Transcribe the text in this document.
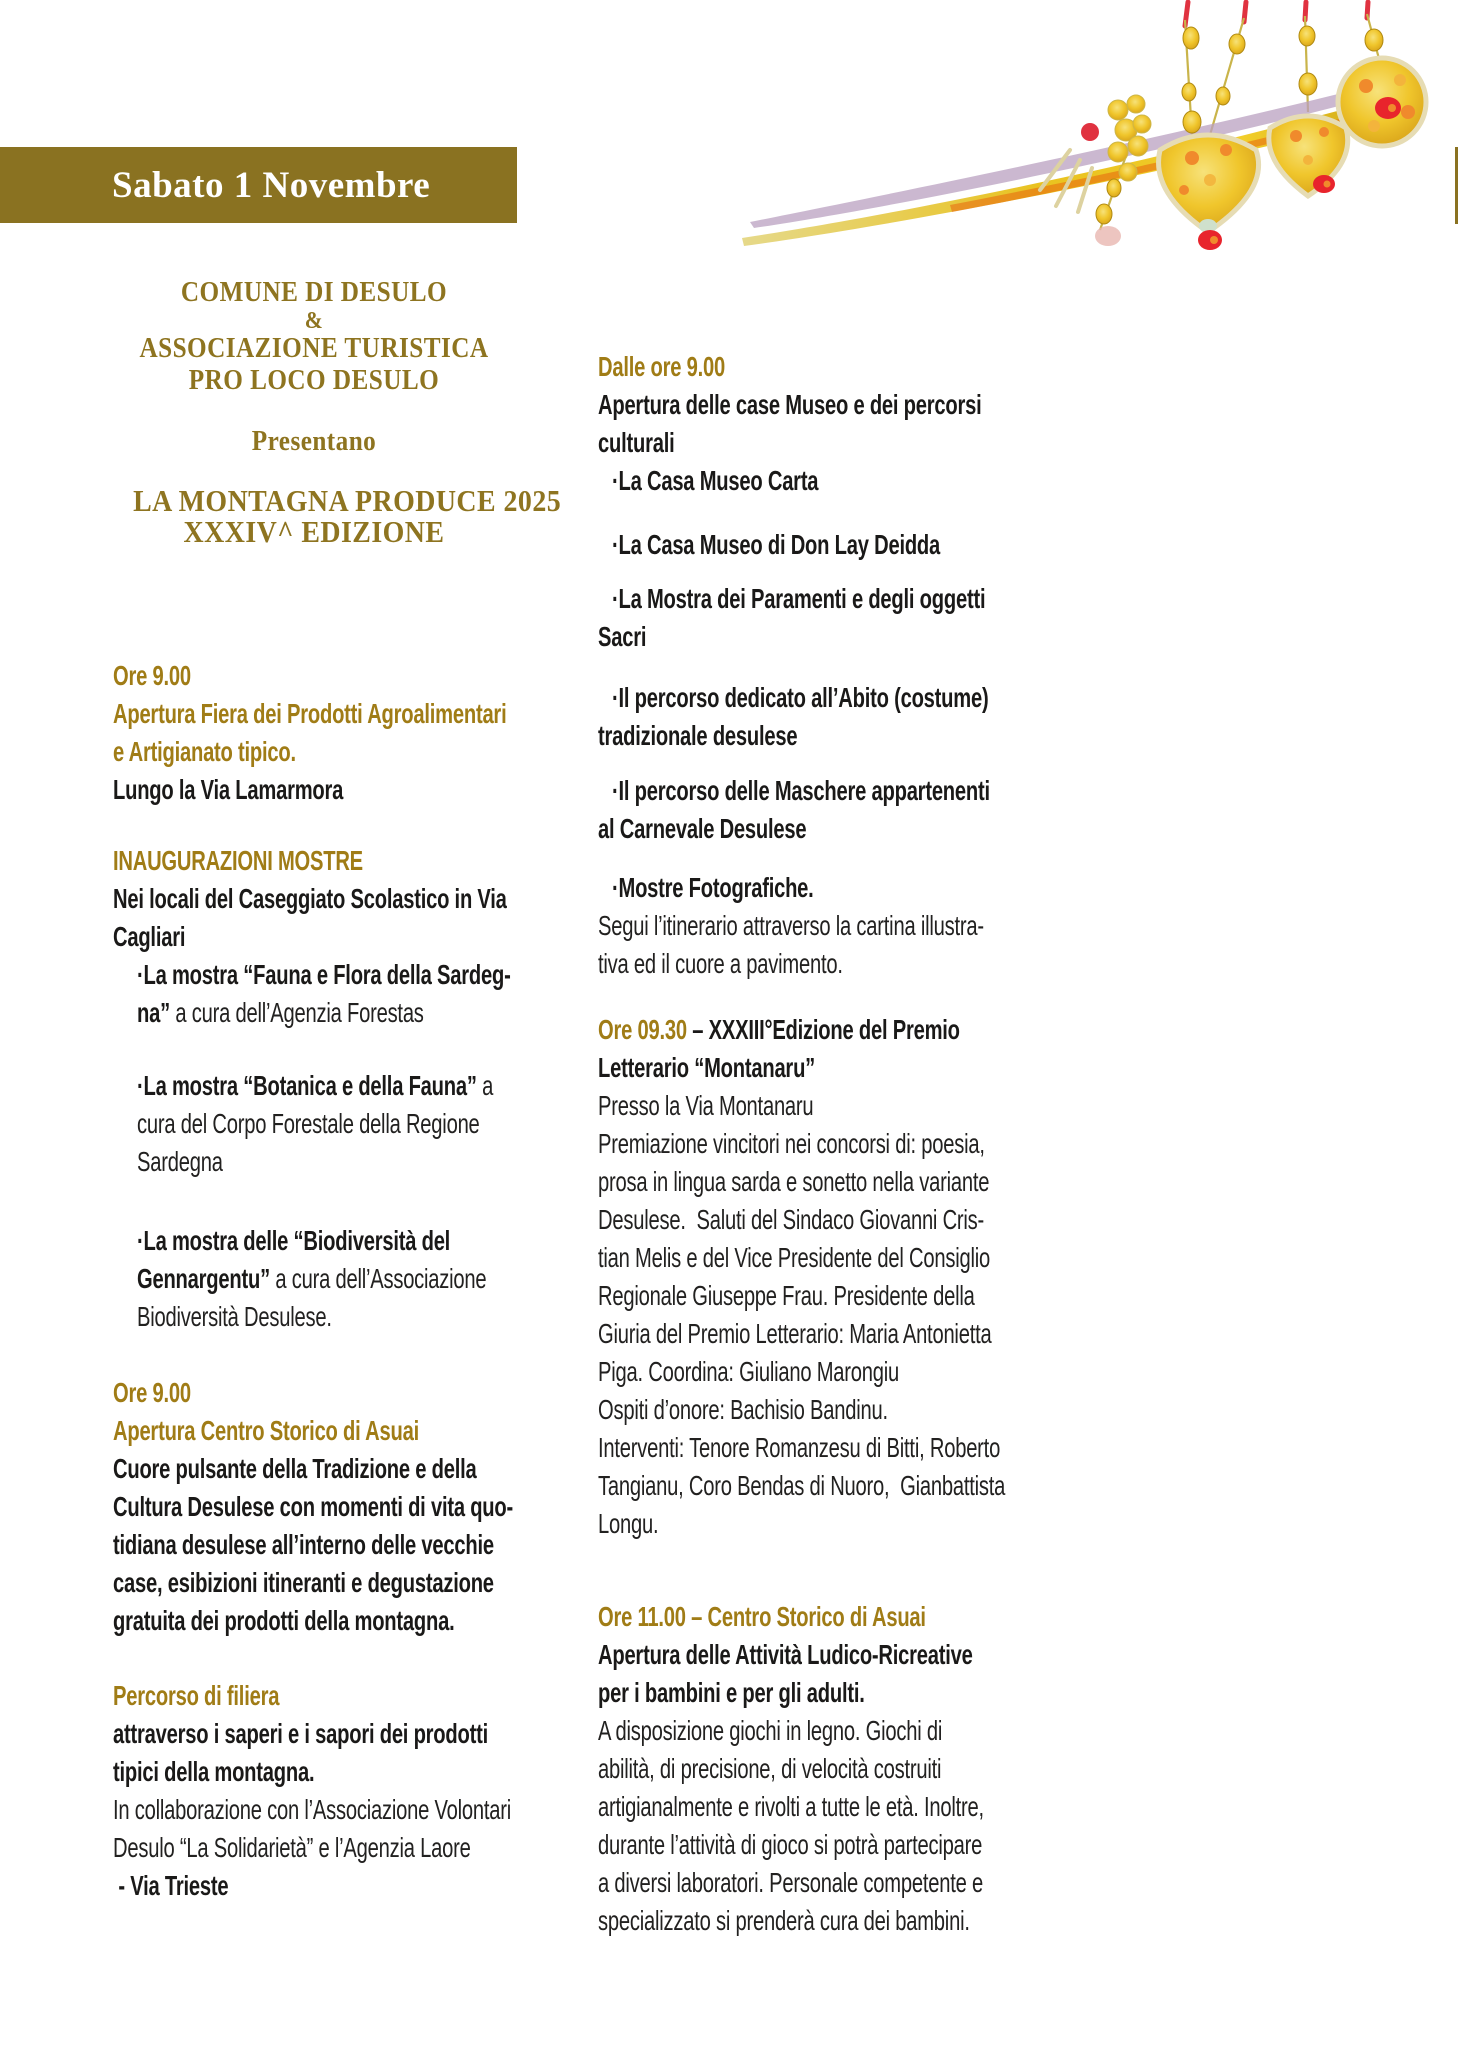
Sabato 1 Novembre
COMUNE DI DESULO
&
ASSOCIAZIONE TURISTICA
PRO LOCO DESULO
Presentano
LA MONTAGNA PRODUCE 2025
XXXIV^ EDIZIONE
Ore 9.00
Apertura Fiera dei Prodotti Agroalimentari
e Artigianato tipico.
Lungo la Via Lamarmora
INAUGURAZIONI MOSTRE
Nei locali del Caseggiato Scolastico in Via
Cagliari
·La mostra “Fauna e Flora della Sardeg-
na” a cura dell’Agenzia Forestas
·La mostra “Botanica e della Fauna” a
cura del Corpo Forestale della Regione
Sardegna
·La mostra delle “Biodiversità del
Gennargentu” a cura dell’Associazione
Biodiversità Desulese.
Ore 9.00
Apertura Centro Storico di Asuai
Cuore pulsante della Tradizione e della
Cultura Desulese con momenti di vita quo-
tidiana desulese all’interno delle vecchie
case, esibizioni itineranti e degustazione
gratuita dei prodotti della montagna.
Percorso di filiera
attraverso i saperi e i sapori dei prodotti
tipici della montagna.
In collaborazione con l’Associazione Volontari
Desulo “La Solidarietà” e l’Agenzia Laore
- Via Trieste
Dalle ore 9.00
Apertura delle case Museo e dei percorsi
culturali
·La Casa Museo Carta
·La Casa Museo di Don Lay Deidda
·La Mostra dei Paramenti e degli oggetti
Sacri
·Il percorso dedicato all’Abito (costume)
tradizionale desulese
·Il percorso delle Maschere appartenenti
al Carnevale Desulese
·Mostre Fotografiche.
Segui l’itinerario attraverso la cartina illustra-
tiva ed il cuore a pavimento.
Ore 09.30 – XXXIII°Edizione del Premio
Letterario “Montanaru”
Presso la Via Montanaru
Premiazione vincitori nei concorsi di: poesia,
prosa in lingua sarda e sonetto nella variante
Desulese.  Saluti del Sindaco Giovanni Cris-
tian Melis e del Vice Presidente del Consiglio
Regionale Giuseppe Frau. Presidente della
Giuria del Premio Letterario: Maria Antonietta
Piga. Coordina: Giuliano Marongiu
Ospiti d’onore: Bachisio Bandinu.
Interventi: Tenore Romanzesu di Bitti, Roberto
Tangianu, Coro Bendas di Nuoro,  Gianbattista
Longu.
Ore 11.00 – Centro Storico di Asuai
Apertura delle Attività Ludico-Ricreative
per i bambini e per gli adulti.
A disposizione giochi in legno. Giochi di
abilità, di precisione, di velocità costruiti
artigianalmente e rivolti a tutte le età. Inoltre,
durante l’attività di gioco si potrà partecipare
a diversi laboratori. Personale competente e
specializzato si prenderà cura dei bambini.
